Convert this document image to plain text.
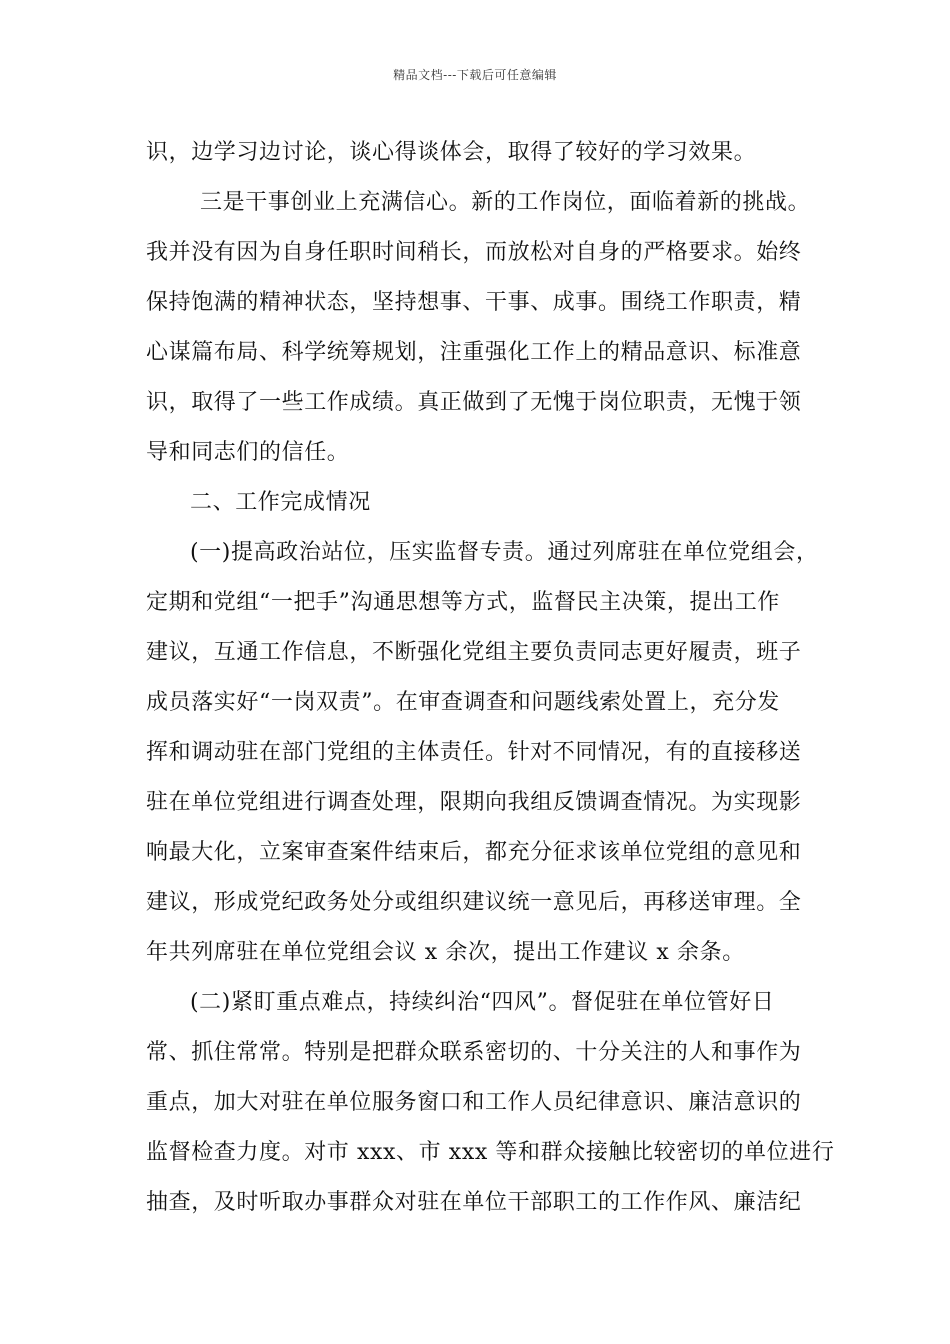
精品文档---下载后可任意编辑
识，边学习边讨论，谈心得谈体会，取得了较好的学习效果。
三是干事创业上充满信心。新的工作岗位，面临着新的挑战。
我并没有因为自身任职时间稍长，而放松对自身的严格要求。始终
保持饱满的精神状态，坚持想事、干事、成事。围绕工作职责，精
心谋篇布局、科学统筹规划，注重强化工作上的精品意识、标准意
识，取得了一些工作成绩。真正做到了无愧于岗位职责，无愧于领
导和同志们的信任。
二、工作完成情况
(一)提高政治站位，压实监督专责。通过列席驻在单位党组会，
定期和党组“一把手”沟通思想等方式，监督民主决策，提出工作
建议，互通工作信息，不断强化党组主要负责同志更好履责，班子
成员落实好“一岗双责”。在审查调查和问题线索处置上，充分发
挥和调动驻在部门党组的主体责任。针对不同情况，有的直接移送
驻在单位党组进行调查处理，限期向我组反馈调查情况。为实现影
响最大化，立案审查案件结束后，都充分征求该单位党组的意见和
建议，形成党纪政务处分或组织建议统一意见后，再移送审理。全
年共列席驻在单位党组会议 x 余次，提出工作建议 x 余条。
(二)紧盯重点难点，持续纠治“四风”。督促驻在单位管好日
常、抓住常常。特别是把群众联系密切的、十分关注的人和事作为
重点，加大对驻在单位服务窗口和工作人员纪律意识、廉洁意识的
监督检查力度。对市 xxx、市 xxx 等和群众接触比较密切的单位进行
抽查，及时听取办事群众对驻在单位干部职工的工作作风、廉洁纪
